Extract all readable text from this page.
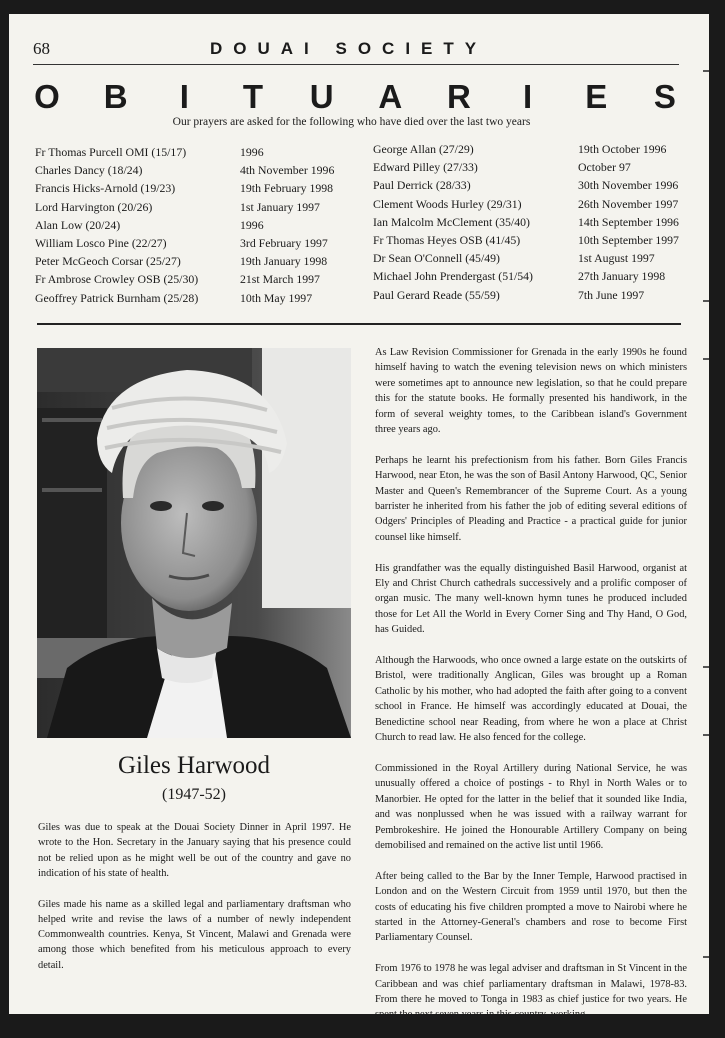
68	DOUAI SOCIETY
O B I T U A R I E S
Our prayers are asked for the following who have died over the last two years
Fr Thomas Purcell OMI (15/17)	1996
Charles Dancy (18/24)	4th November 1996
Francis Hicks-Arnold (19/23)	19th February 1998
Lord Harvington (20/26)	1st January 1997
Alan Low (20/24)	1996
William Losco Pine (22/27)	3rd February 1997
Peter McGeoch Corsar (25/27)	19th January 1998
Fr Ambrose Crowley OSB (25/30)	21st March 1997
Geoffrey Patrick Burnham (25/28)	10th May 1997
George Allan (27/29)	19th October 1996
Edward Pilley (27/33)	October 97
Paul Derrick (28/33)	30th November 1996
Clement Woods Hurley (29/31)	26th November 1997
Ian Malcolm McClement (35/40)	14th September 1996
Fr Thomas Heyes OSB (41/45)	10th September 1997
Dr Sean O'Connell (45/49)	1st August 1997
Michael John Prendergast (51/54)	27th January 1998
Paul Gerard Reade (55/59)	7th June 1997
Giles Harwood
(1947-52)

Giles was due to speak at the Douai Society Dinner in April 1997. He wrote to the Hon. Secretary in the January saying that his presence could not be relied upon as he might well be out of the country and gave no indication of his state of health.

Giles made his name as a skilled legal and parliamentary draftsman who helped write and revise the laws of a number of newly independent Commonwealth countries. Kenya, St Vincent, Malawi and Grenada were among those which benefited from his meticulous approach to every detail.

As Law Revision Commissioner for Grenada in the early 1990s he found himself having to watch the evening television news on which ministers were sometimes apt to announce new legislation, so that he could prepare this for the statute books. He formally presented his handiwork, in the form of several weighty tomes, to the Caribbean island's Government three years ago.

Perhaps he learnt his prefectionism from his father. Born Giles Francis Harwood, near Eton, he was the son of Basil Antony Harwood, QC, Senior Master and Queen's Remembrancer of the Supreme Court. As a young barrister he inherited from his father the job of editing several editions of Odgers' Principles of Pleading and Practice - a practical guide for junior counsel like himself.

His grandfather was the equally distinguished Basil Harwood, organist at Ely and Christ Church cathedrals successively and a prolific composer of organ music. The many well-known hymn tunes he produced included those for Let All the World in Every Corner Sing and Thy Hand, O God, has Guided.

Although the Harwoods, who once owned a large estate on the outskirts of Bristol, were traditionally Anglican, Giles was brought up a Roman Catholic by his mother, who had adopted the faith after going to a convent school in France. He himself was accordingly educated at Douai, the Benedictine school near Reading, from where he won a place at Christ Church to read law. He also fenced for the college.

Commissioned in the Royal Artillery during National Service, he was unusually offered a choice of postings - to Rhyl in North Wales or to Manorbier. He opted for the latter in the belief that it sounded like India, and was nonplussed when he was issued with a railway warrant for Pembrokeshire. He joined the Honourable Artillery Company on being demobilised and remained on the active list until 1966.

After being called to the Bar by the Inner Temple, Harwood practised in London and on the Western Circuit from 1959 until 1970, but then the costs of educating his five children prompted a move to Nairobi where he started in the Attorney-General's chambers and rose to become First Parliamentary Counsel.

From 1976 to 1978 he was legal adviser and draftsman in St Vincent in the Caribbean and was chief parliamentary draftsman in Malawi, 1978-83. From there he moved to Tonga in 1983 as chief justice for two years. He spent the next seven years in this country, working
